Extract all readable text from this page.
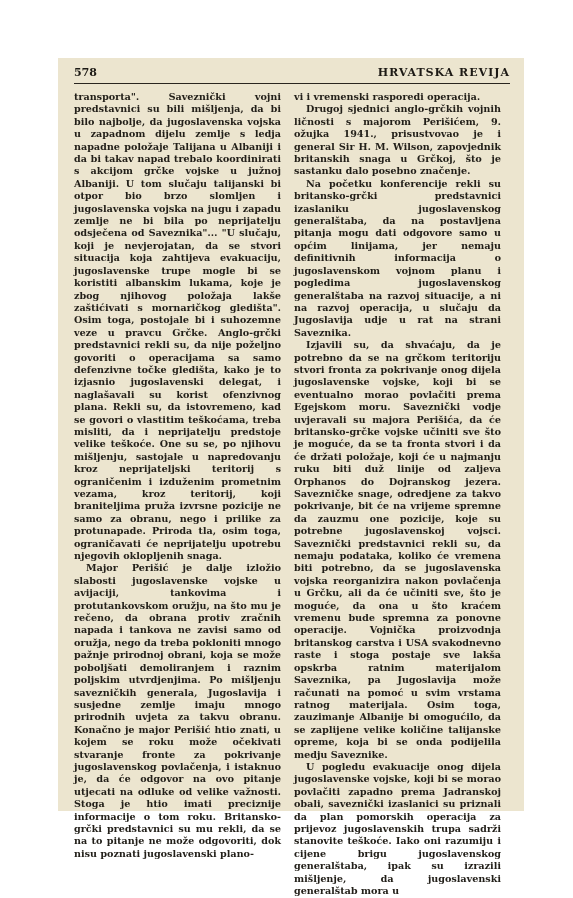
578	HRVATSKA REVIJA

transporta". Saveznički vojni predstavnici su bili mišljenja, da bi bilo najbolje, da jugoslavenska vojska u zapadnom dijelu zemlje s ledja napadne položaje Talijana u Albaniji i da bi takav napad trebalo koordinirati s akcijom grčke vojske u južnoj Albaniji. U tom slučaju talijanski bi otpor bio brzo slomljen i jugoslavenska vojska na jugu i zapadu zemlje ne bi bila po neprijatelju odsječena od Saveznika"... "U slučaju, koji je nevjerojatan, da se stvori situacija koja zahtijeva evakuaciju, jugoslavenske trupe mogle bi se koristiti albanskim lukama, koje je zbog njihovog položaja lakše zaštićivati s mornaričkog gledišta". Osim toga, postojale bi i suhozemne veze u pravcu Grčke. Anglo-grčki predstavnici rekli su, da nije poželjno govoriti o operacijama sa samo defenzivne točke gledišta, kako je to izjasnio jugoslavenski delegat, i naglašavali su korist ofenzivnog plana. Rekli su, da istovremeno, kad se govori o vlastitim teškoćama, treba misliti, da i neprijatelju predstoje velike teškoće. One su se, po njihovu mišljenju, sastojale u napredovanju kroz neprijateljski teritorij s ograničenim i izduženim prometnim vezama, kroz teritorij, koji braniteljima pruža izvrsne pozicije ne samo za obranu, nego i prilike za protunapade. Priroda tla, osim toga, ograničavati će neprijatelju upotrebu njegovih oklopljenih snaga.

Major Perišić je dalje izložio slabosti jugoslavenske vojske u avijaciji, tankovima i protutankovskom oružju, na što mu je rečeno, da obrana protiv zračnih napada i tankova ne zavisi samo od oružja, nego da treba pokloniti mnogo pažnje prirodnoj obrani, koja se može poboljšati demoliranjem i raznim poljskim utvrdjenjima. Po mišljenju savezničkih generala, Jugoslavija i susjedne zemlje imaju mnogo prirodnih uvjeta za takvu obranu. Konačno je major Perišić htio znati, u kojem se roku može očekivati stvaranje fronte za pokrivanje jugoslavenskog povlačenja, i istaknuo je, da će odgovor na ovo pitanje utjecati na odluke od velike važnosti. Stoga je htio imati preciznije informacije o tom roku. Britansko-grčki predstavnici su mu rekli, da se na to pitanje ne može odgovoriti, dok nisu poznati jugoslavenski plano-

vi i vremenski rasporedi operacija.

Drugoj sjednici anglo-grčkih vojnih ličnosti s majorom Perišićem, 9. ožujka 1941., prisustvovao je i general Sir H. M. Wilson, zapovjednik britanskih snaga u Grčkoj, što je sastanku dalo posebno značenje.

Na početku konferencije rekli su britansko-grčki predstavnici izaslaniku jugoslavenskog generalštaba, da na postavljena pitanja mogu dati odgovore samo u općim linijama, jer nemaju definitivnih informacija o jugoslavenskom vojnom planu i pogledima jugoslavenskog generalštaba na razvoj situacije, a ni na razvoj operacija, u slučaju da Jugoslavija udje u rat na strani Saveznika.

Izjavili su, da shvaćaju, da je potrebno da se na grčkom teritoriju stvori fronta za pokrivanje onog dijela jugoslavenske vojske, koji bi se eventualno morao povlačiti prema Egejskom moru. Saveznički vodje uvjeravali su majora Perišića, da će britansko-grčke vojske učiniti sve što je moguće, da se ta fronta stvori i da će držati položaje, koji će u najmanju ruku biti duž linije od zaljeva Orphanos do Dojranskog jezera. Savezničke snage, odredjene za takvo pokrivanje, bit će na vrijeme spremne da zauzmu one pozicije, koje su potrebne jugoslavenskoj vojsci. Saveznički predstavnici rekli su, da nemaju podataka, koliko će vremena biti potrebno, da se jugoslavenska vojska reorganizira nakon povlačenja u Grčku, ali da će učiniti sve, što je moguće, da ona u što kraćem vremenu bude spremna za ponovne operacije. Vojnička proizvodnja britanskog carstva i USA svakodnevno raste i stoga postaje sve lakša opskrba ratnim materijalom Saveznika, pa Jugoslavija može računati na pomoć u svim vrstama ratnog materijala. Osim toga, zauzimanje Albanije bi omogućilo, da se zaplijene velike količine talijanske opreme, koja bi se onda podijelila medju Saveznike.

U pogledu evakuacije onog dijela jugoslavenske vojske, koji bi se morao povlačiti zapadno prema Jadranskoj obali, saveznički izaslanici su priznali da plan pomorskih operacija za prijevoz jugoslavenskih trupa sadrži stanovite teškoće. Iako oni razumiju i cijene brigu jugoslavenskog generalštaba, ipak su izrazili mišljenje, da jugoslavenski generalštab mora u
